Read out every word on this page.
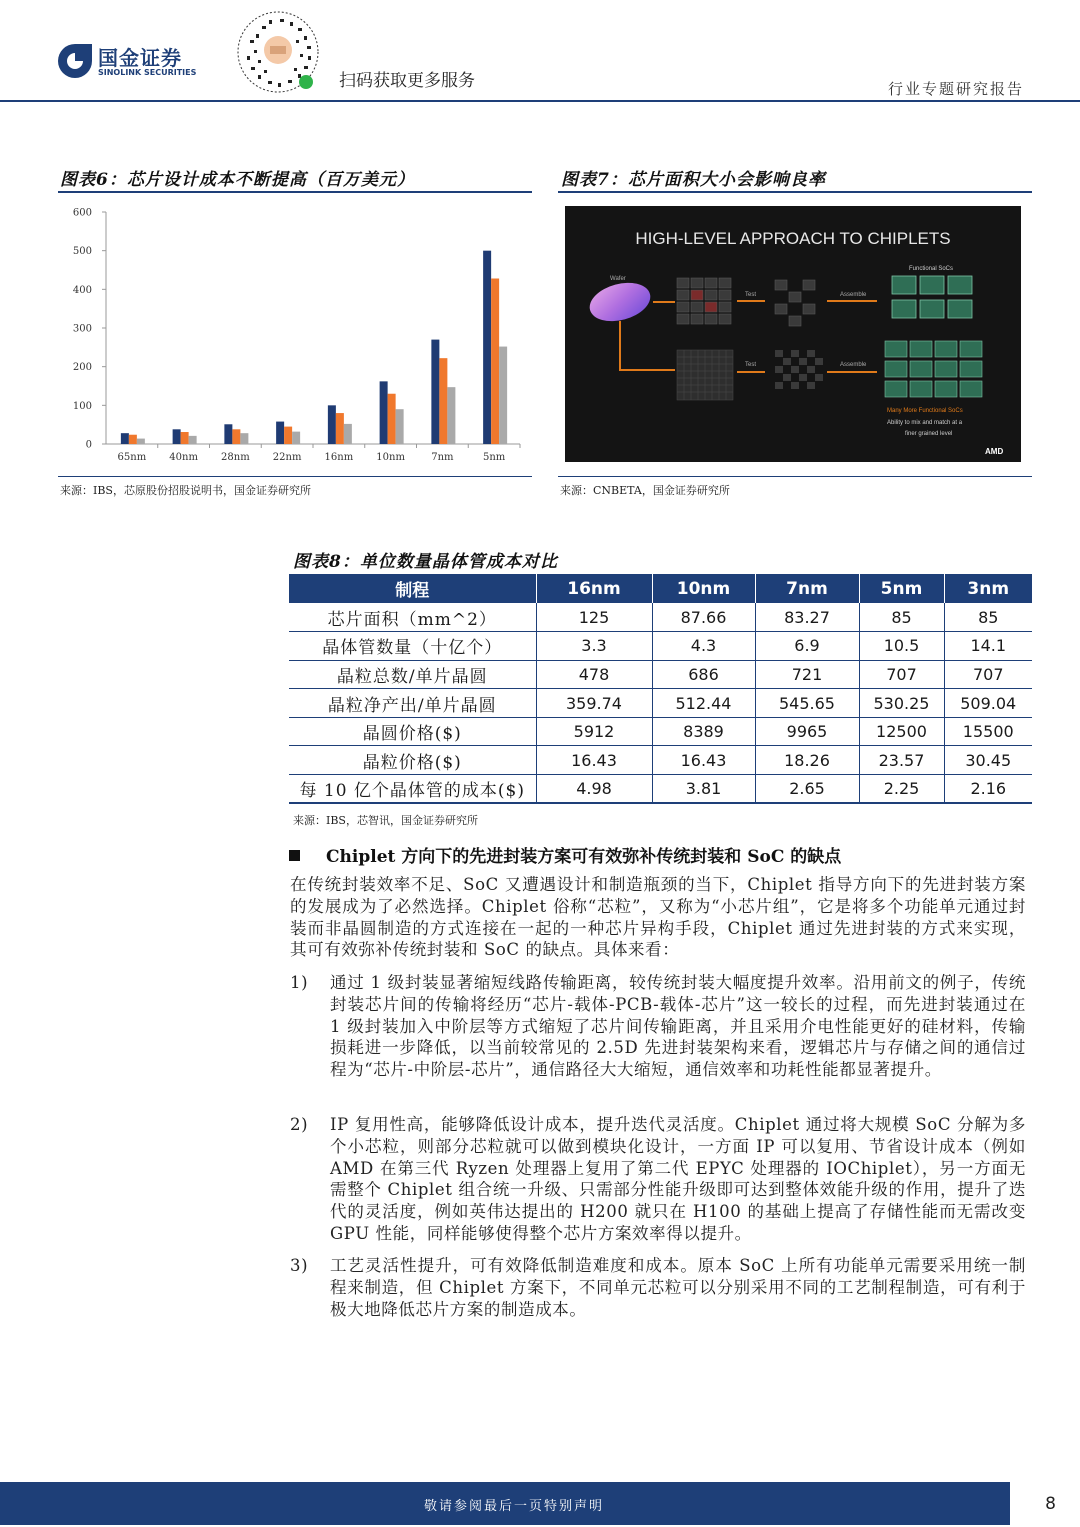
国金证券
SINOLINK SECURITIES	扫码获取更多服务	行业专题研究报告
图表6：芯片设计成本不断提高（百万美元）
0
100
200
300
400
500
600
65nm 40nm 28nm 22nm 16nm 10nm	7nm	5nm
来源：IBS，芯原股份招股说明书，国金证券研究所
图表7：芯片面积大小会影响良率
HIGH-LEVEL APPROACH TO CHIPLETS
Wafer
Test	Assemble
Functional SoCs
Test	Assemble
Many More Functional SoCs
Ability to mix and match at a
finer grained level
AMD
来源：CNBETA，国金证券研究所
图表8：单位数量晶体管成本对比
制程	16nm	10nm	7nm	5nm	3nm
芯片面积（mm^2）	125	87.66	83.27	85	85
晶体管数量（十亿个）	3.3	4.3	6.9	10.5	14.1
晶粒总数/单片晶圆	478	686	721	707	707
晶粒净产出/单片晶圆	359.74	512.44	545.65	530.25	509.04
晶圆价格($)	5912	8389	9965	12500	15500
晶粒价格($)	16.43	16.43	18.26	23.57	30.45
每 10 亿个晶体管的成本($)	4.98	3.81	2.65	2.25	2.16
来源：IBS，芯智讯，国金证券研究所
Chiplet 方向下的先进封装方案可有效弥补传统封装和 SoC 的缺点
在传统封装效率不足、SoC 又遭遇设计和制造瓶颈的当下，Chiplet 指导方向下的先进封装方案的发展成为了必然选择。Chiplet 俗称“芯粒”，又称为“小芯片组”，它是将多个功能单元通过封装而非晶圆制造的方式连接在一起的一种芯片异构手段，Chiplet 通过先进封装的方式来实现，其可有效弥补传统封装和 SoC 的缺点。具体来看：
1)	通过 1 级封装显著缩短线路传输距离，较传统封装大幅度提升效率。沿用前文的例子，传统封装芯片间的传输将经历“芯片-载体-PCB-载体-芯片”这一较长的过程，而先进封装通过在 1 级封装加入中阶层等方式缩短了芯片间传输距离，并且采用介电性能更好的硅材料，传输损耗进一步降低，以当前较常见的 2.5D 先进封装架构来看，逻辑芯片与存储之间的通信过程为“芯片-中阶层-芯片”，通信路径大大缩短，通信效率和功耗性能都显著提升。
2)	IP 复用性高，能够降低设计成本，提升迭代灵活度。Chiplet 通过将大规模 SoC 分解为多个小芯粒，则部分芯粒就可以做到模块化设计，一方面 IP 可以复用、节省设计成本（例如 AMD 在第三代 Ryzen 处理器上复用了第二代 EPYC 处理器的 IOChiplet），另一方面无需整个 Chiplet 组合统一升级、只需部分性能升级即可达到整体效能升级的作用，提升了迭代的灵活度，例如英伟达提出的 H200 就只在 H100 的基础上提高了存储性能而无需改变 GPU 性能，同样能够使得整个芯片方案效率得以提升。
3)	工艺灵活性提升，可有效降低制造难度和成本。原本 SoC 上所有功能单元需要采用统一制程来制造，但 Chiplet 方案下，不同单元芯粒可以分别采用不同的工艺制程制造，可有利于极大地降低芯片方案的制造成本。
敬请参阅最后一页特别声明	8
